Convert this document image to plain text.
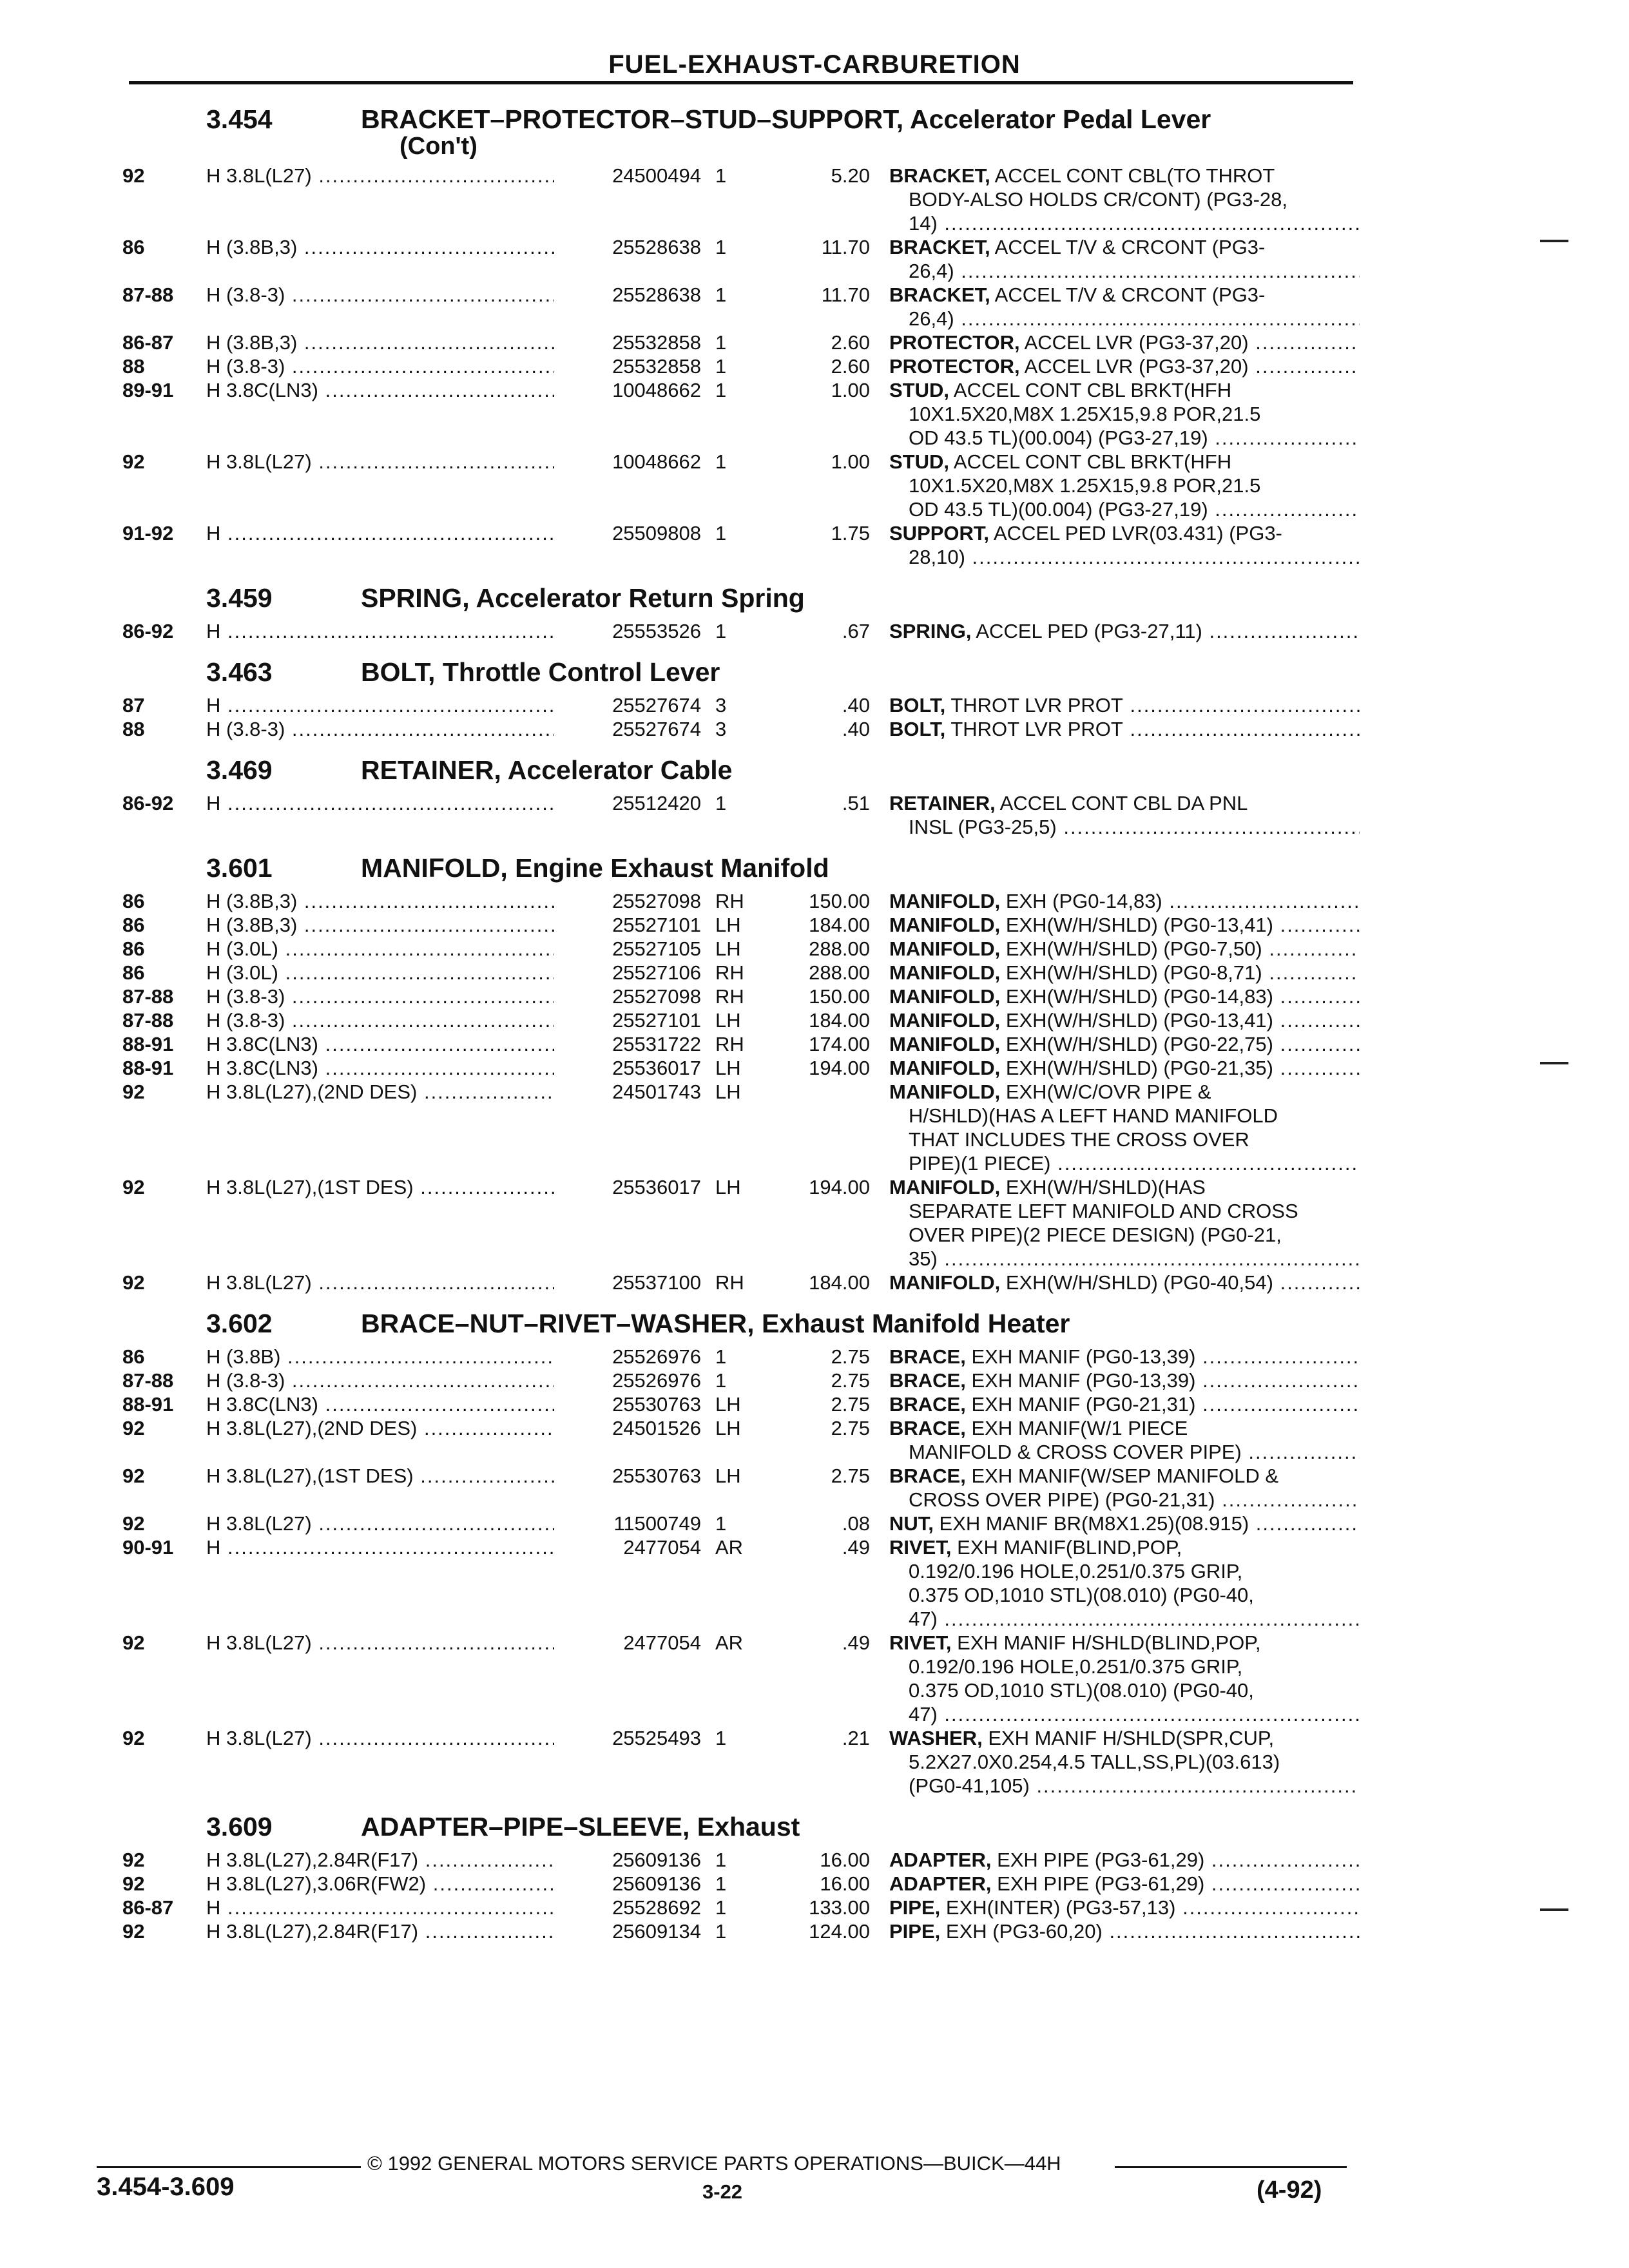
FUEL-EXHAUST-CARBURETION
3.454	BRACKET–PROTECTOR–STUD–SUPPORT, Accelerator Pedal Lever
(Con't)
92	H 3.8L(L27) .....	24500494 1	5.20 BRACKET, ACCEL CONT CBL(TO THROT
BODY-ALSO HOLDS CR/CONT) (PG3-28,
14) .....
86	H (3.8B,3) .....	25528638 1	11.70 BRACKET, ACCEL T/V & CRCONT (PG3-
26,4) .....
87-88 H (3.8-3) .....	25528638 1	11.70 BRACKET, ACCEL T/V & CRCONT (PG3-
26,4) .....
86-87 H (3.8B,3) .....	25532858 1	2.60 PROTECTOR, ACCEL LVR (PG3-37,20) .....
88	H (3.8-3) .....	25532858 1	2.60 PROTECTOR, ACCEL LVR (PG3-37,20) .....
89-91 H 3.8C(LN3) .....	10048662 1	1.00 STUD, ACCEL CONT CBL BRKT(HFH
10X1.5X20,M8X 1.25X15,9.8 POR,21.5
OD 43.5 TL)(00.004) (PG3-27,19) .....
92	H 3.8L(L27) .....	10048662 1	1.00 STUD, ACCEL CONT CBL BRKT(HFH
10X1.5X20,M8X 1.25X15,9.8 POR,21.5
OD 43.5 TL)(00.004) (PG3-27,19) .....
91-92 H .....	25509808 1	1.75 SUPPORT, ACCEL PED LVR(03.431) (PG3-
28,10) .....
3.459	SPRING, Accelerator Return Spring
86-92 H .....	25553526 1	.67 SPRING, ACCEL PED (PG3-27,11) .....
3.463	BOLT, Throttle Control Lever
87	H .....	25527674 3	.40 BOLT, THROT LVR PROT .....
88	H (3.8-3) .....	25527674 3	.40 BOLT, THROT LVR PROT .....
3.469	RETAINER, Accelerator Cable
86-92 H .....	25512420 1	.51 RETAINER, ACCEL CONT CBL DA PNL
INSL (PG3-25,5) .....
3.601	MANIFOLD, Engine Exhaust Manifold
86	H (3.8B,3) .....	25527098 RH	150.00 MANIFOLD, EXH (PG0-14,83) .....
86	H (3.8B,3) .....	25527101 LH	184.00 MANIFOLD, EXH(W/H/SHLD) (PG0-13,41) .....
86	H (3.0L) .....	25527105 LH	288.00 MANIFOLD, EXH(W/H/SHLD) (PG0-7,50) .....
86	H (3.0L) .....	25527106 RH	288.00 MANIFOLD, EXH(W/H/SHLD) (PG0-8,71) .....
87-88 H (3.8-3) .....	25527098 RH	150.00 MANIFOLD, EXH(W/H/SHLD) (PG0-14,83) .....
87-88 H (3.8-3) .....	25527101 LH	184.00 MANIFOLD, EXH(W/H/SHLD) (PG0-13,41) .....
88-91 H 3.8C(LN3) .....	25531722 RH	174.00 MANIFOLD, EXH(W/H/SHLD) (PG0-22,75) .....
88-91 H 3.8C(LN3) .....	25536017 LH	194.00 MANIFOLD, EXH(W/H/SHLD) (PG0-21,35) .....
92	H 3.8L(L27),(2ND DES) .....	24501743 LH	MANIFOLD, EXH(W/C/OVR PIPE &
H/SHLD)(HAS A LEFT HAND MANIFOLD
THAT INCLUDES THE CROSS OVER
PIPE)(1 PIECE) .....
92	H 3.8L(L27),(1ST DES) .....	25536017 LH	194.00 MANIFOLD, EXH(W/H/SHLD)(HAS
SEPARATE LEFT MANIFOLD AND CROSS
OVER PIPE)(2 PIECE DESIGN) (PG0-21,
35) .....
92	H 3.8L(L27) .....	25537100 RH	184.00 MANIFOLD, EXH(W/H/SHLD) (PG0-40,54) .....
3.602	BRACE–NUT–RIVET–WASHER, Exhaust Manifold Heater
86	H (3.8B) .....	25526976 1	2.75 BRACE, EXH MANIF (PG0-13,39) .....
87-88 H (3.8-3) .....	25526976 1	2.75 BRACE, EXH MANIF (PG0-13,39) .....
88-91 H 3.8C(LN3) .....	25530763 LH	2.75 BRACE, EXH MANIF (PG0-21,31) .....
92	H 3.8L(L27),(2ND DES) .....	24501526 LH	2.75 BRACE, EXH MANIF(W/1 PIECE
MANIFOLD & CROSS COVER PIPE) .....
92	H 3.8L(L27),(1ST DES) .....	25530763 LH	2.75 BRACE, EXH MANIF(W/SEP MANIFOLD &
CROSS OVER PIPE) (PG0-21,31) .....
92	H 3.8L(L27) .....	11500749 1	.08 NUT, EXH MANIF BR(M8X1.25)(08.915) .....
90-91 H .....	2477054 AR	.49 RIVET, EXH MANIF(BLIND,POP,
0.192/0.196 HOLE,0.251/0.375 GRIP,
0.375 OD,1010 STL)(08.010) (PG0-40,
47) .....
92	H 3.8L(L27) .....	2477054 AR	.49 RIVET, EXH MANIF H/SHLD(BLIND,POP,
0.192/0.196 HOLE,0.251/0.375 GRIP,
0.375 OD,1010 STL)(08.010) (PG0-40,
47) .....
92	H 3.8L(L27) .....	25525493 1	.21 WASHER, EXH MANIF H/SHLD(SPR,CUP,
5.2X27.0X0.254,4.5 TALL,SS,PL)(03.613)
(PG0-41,105) .....
3.609	ADAPTER–PIPE–SLEEVE, Exhaust
92	H 3.8L(L27),2.84R(F17) .....	25609136 1	16.00 ADAPTER, EXH PIPE (PG3-61,29) .....
92	H 3.8L(L27),3.06R(FW2) .....	25609136 1	16.00 ADAPTER, EXH PIPE (PG3-61,29) .....
86-87 H .....	25528692 1	133.00 PIPE, EXH(INTER) (PG3-57,13) .....
92	H 3.8L(L27),2.84R(F17) .....	25609134 1	124.00 PIPE, EXH (PG3-60,20) .....
© 1992 GENERAL MOTORS SERVICE PARTS OPERATIONS—BUICK—44H
3.454-3.609	3-22	(4-92)
